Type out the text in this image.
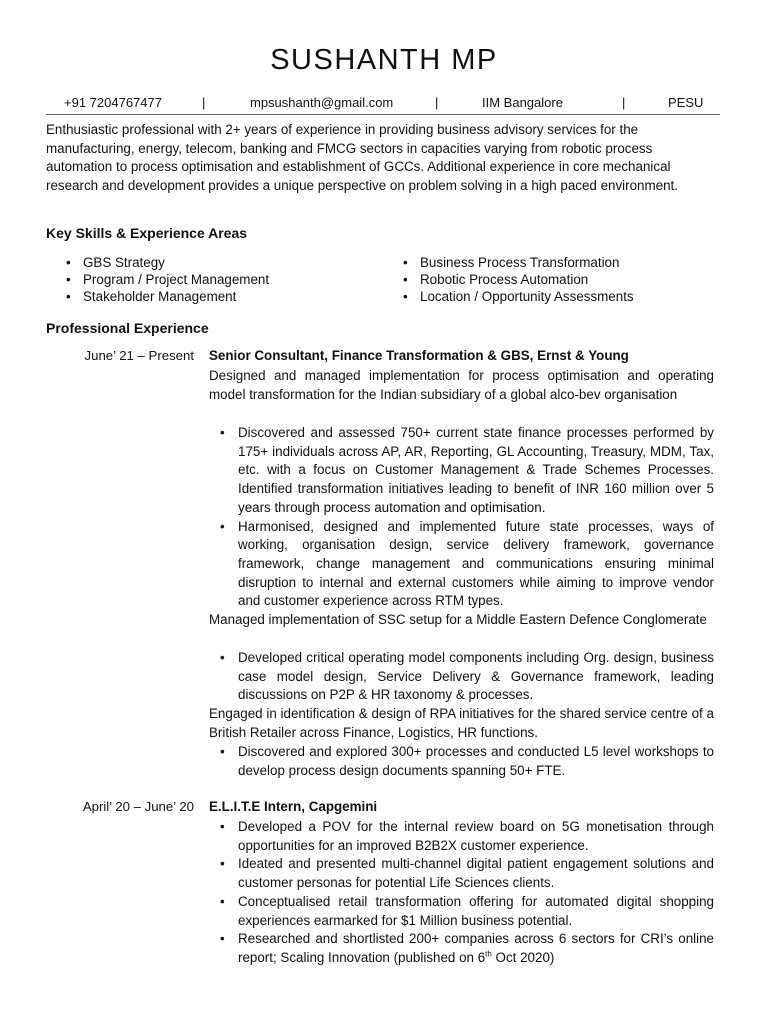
SUSHANTH MP
+91 7204767477	|	mpsushanth@gmail.com	|	IIM Bangalore	|	PESU

Enthusiastic professional with 2+ years of experience in providing business advisory services for the manufacturing, energy, telecom, banking and FMCG sectors in capacities varying from robotic process automation to process optimisation and establishment of GCCs. Additional experience in core mechanical research and development provides a unique perspective on problem solving in a high paced environment.

Key Skills & Experience Areas
• GBS Strategy
• Program / Project Management
• Stakeholder Management
• Business Process Transformation
• Robotic Process Automation
• Location / Opportunity Assessments
Professional Experience
June’ 21 – Present Senior Consultant, Finance Transformation & GBS, Ernst & Young

Designed and managed implementation for process optimisation and operating model transformation for the Indian subsidiary of a global alco-bev organisation

• Discovered and assessed 750+ current state finance processes performed by 175+ individuals across AP, AR, Reporting, GL Accounting, Treasury, MDM, Tax, etc. with a focus on Customer Management & Trade Schemes Processes. Identified transformation initiatives leading to benefit of INR 160 million over 5 years through process automation and optimisation.
• Harmonised, designed and implemented future state processes, ways of working, organisation design, service delivery framework, governance framework, change management and communications ensuring minimal disruption to internal and external customers while aiming to improve vendor and customer experience across RTM types.

Managed implementation of SSC setup for a Middle Eastern Defence Conglomerate

• Developed critical operating model components including Org. design, business case model design, Service Delivery & Governance framework, leading discussions on P2P & HR taxonomy & processes.

Engaged in identification & design of RPA initiatives for the shared service centre of a British Retailer across Finance, Logistics, HR functions.

• Discovered and explored 300+ processes and conducted L5 level workshops to develop process design documents spanning 50+ FTE.
April’ 20 – June’ 20 E.L.I.T.E Intern, Capgemini
• Developed a POV for the internal review board on 5G monetisation through opportunities for an improved B2B2X customer experience.
• Ideated and presented multi-channel digital patient engagement solutions and customer personas for potential Life Sciences clients.
• Conceptualised retail transformation offering for automated digital shopping experiences earmarked for $1 Million business potential.
• Researched and shortlisted 200+ companies across 6 sectors for CRI’s online report; Scaling Innovation (published on 6th Oct 2020)
